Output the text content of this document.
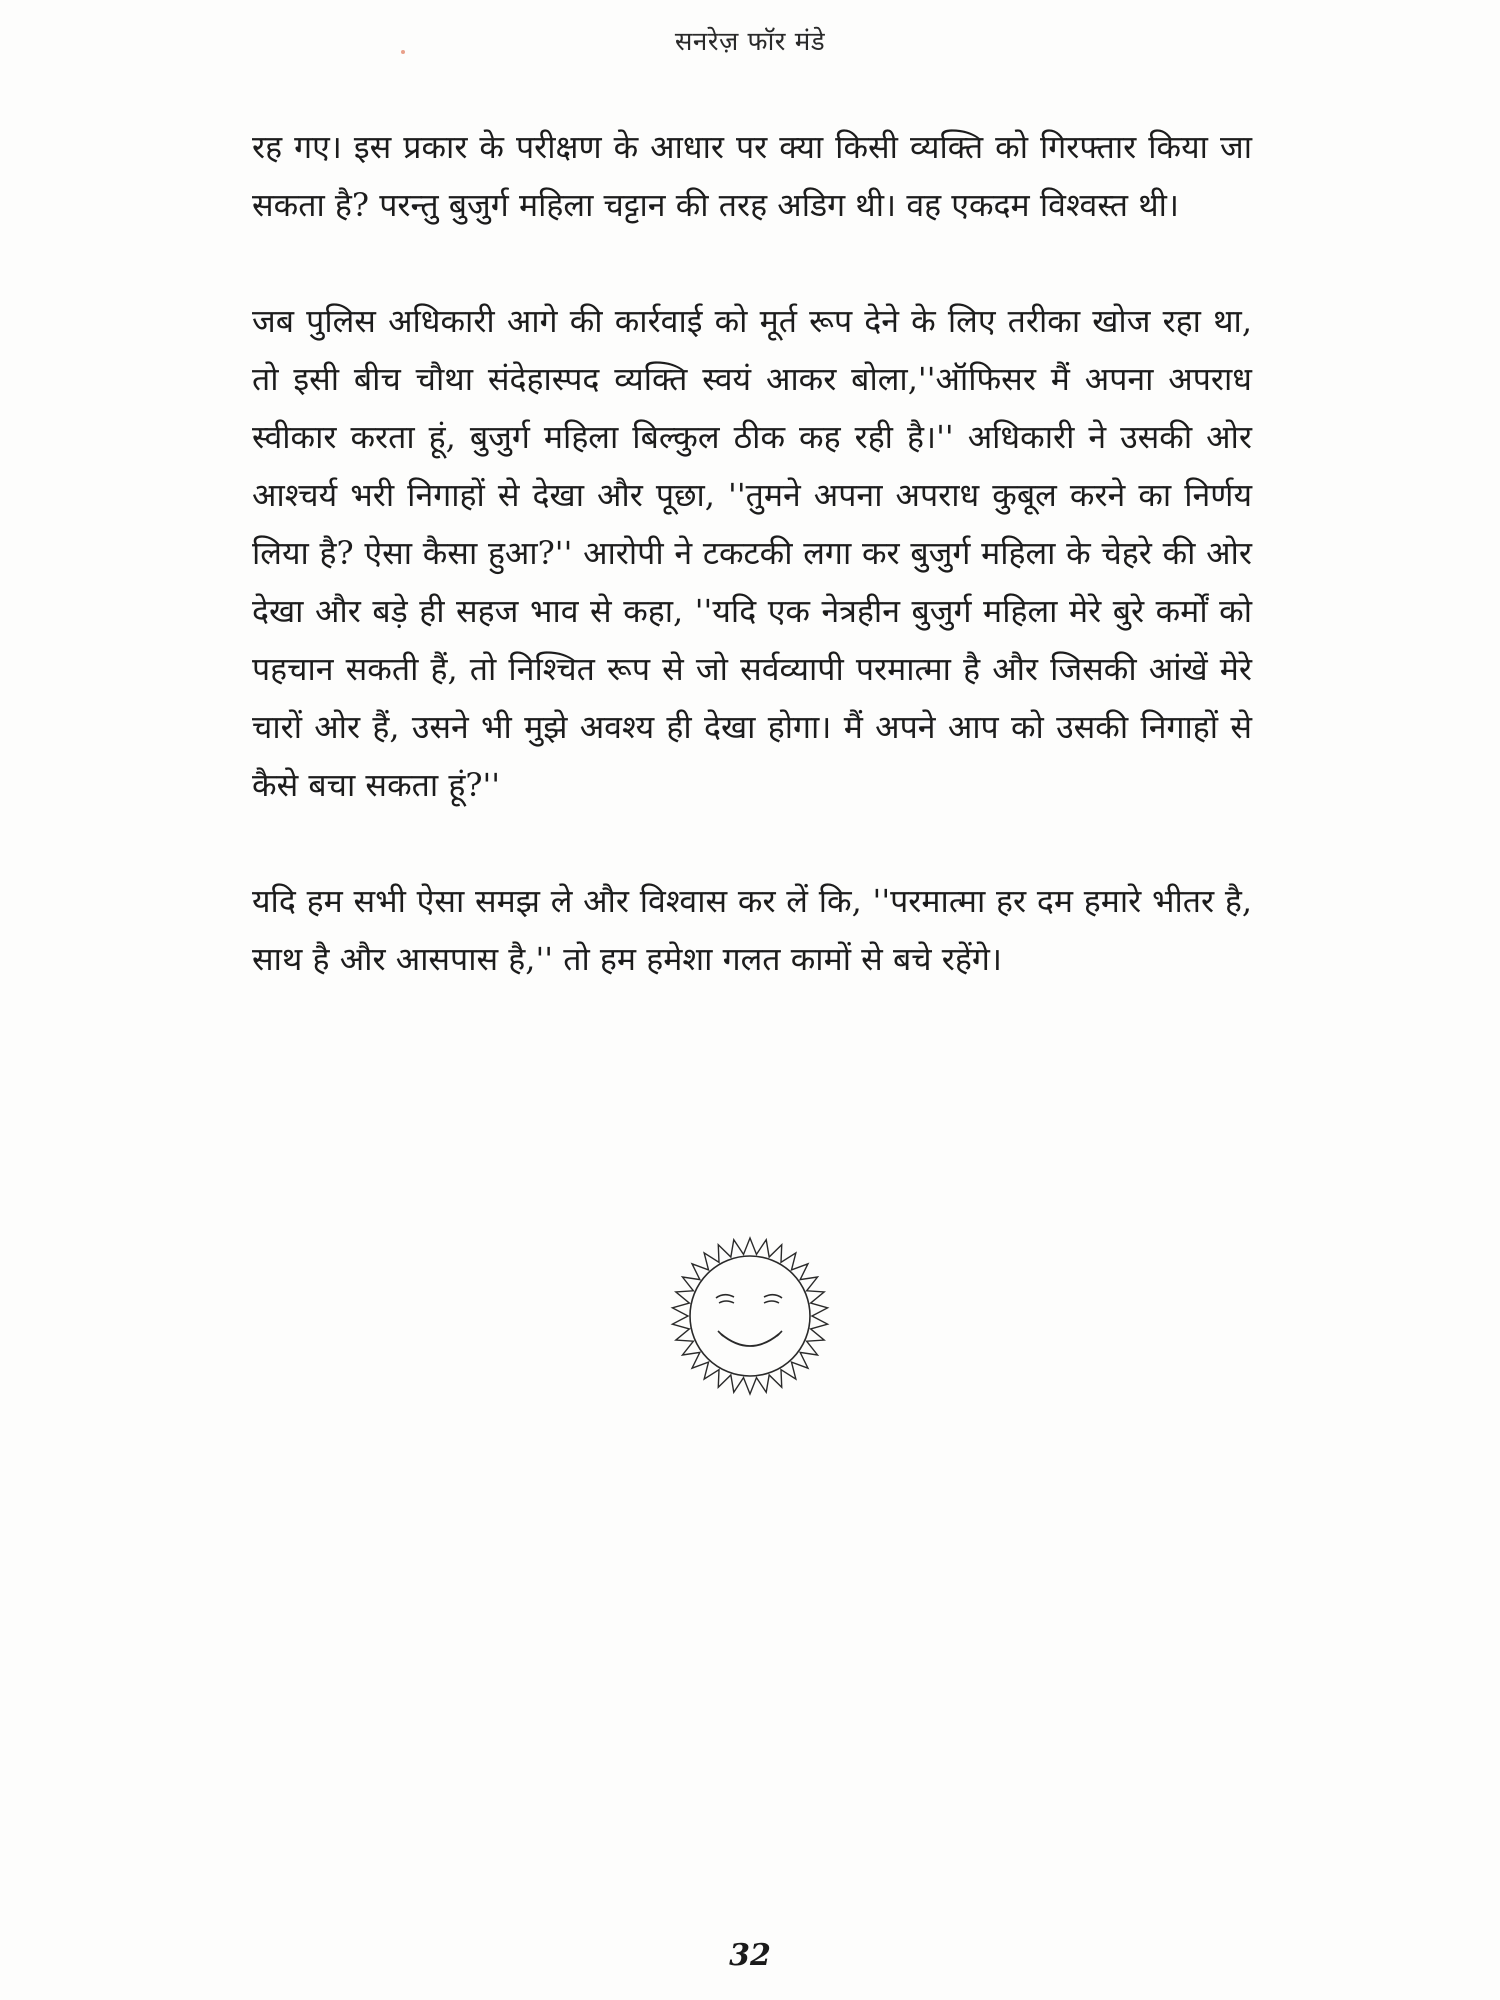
सनरेज़ फॉर मंडे

रह गए। इस प्रकार के परीक्षण के आधार पर क्या किसी व्यक्ति को गिरफ्तार किया जा सकता है? परन्तु बुजुर्ग महिला चट्टान की तरह अडिग थी। वह एकदम विश्वस्त थी।

जब पुलिस अधिकारी आगे की कार्रवाई को मूर्त रूप देने के लिए तरीका खोज रहा था, तो इसी बीच चौथा संदेहास्पद व्यक्ति स्वयं आकर बोला,''ऑफिसर मैं अपना अपराध स्वीकार करता हूं, बुजुर्ग महिला बिल्कुल ठीक कह रही है।'' अधिकारी ने उसकी ओर आश्चर्य भरी निगाहों से देखा और पूछा, ''तुमने अपना अपराध कुबूल करने का निर्णय लिया है? ऐसा कैसा हुआ?'' आरोपी ने टकटकी लगा कर बुजुर्ग महिला के चेहरे की ओर देखा और बड़े ही सहज भाव से कहा, ''यदि एक नेत्रहीन बुजुर्ग महिला मेरे बुरे कर्मों को पहचान सकती हैं, तो निश्चित रूप से जो सर्वव्यापी परमात्मा है और जिसकी आंखें मेरे चारों ओर हैं, उसने भी मुझे अवश्य ही देखा होगा। मैं अपने आप को उसकी निगाहों से कैसे बचा सकता हूं?''

यदि हम सभी ऐसा समझ ले और विश्वास कर लें कि, ''परमात्मा हर दम हमारे भीतर है, साथ है और आसपास है,'' तो हम हमेशा गलत कामों से बचे रहेंगे।

32
